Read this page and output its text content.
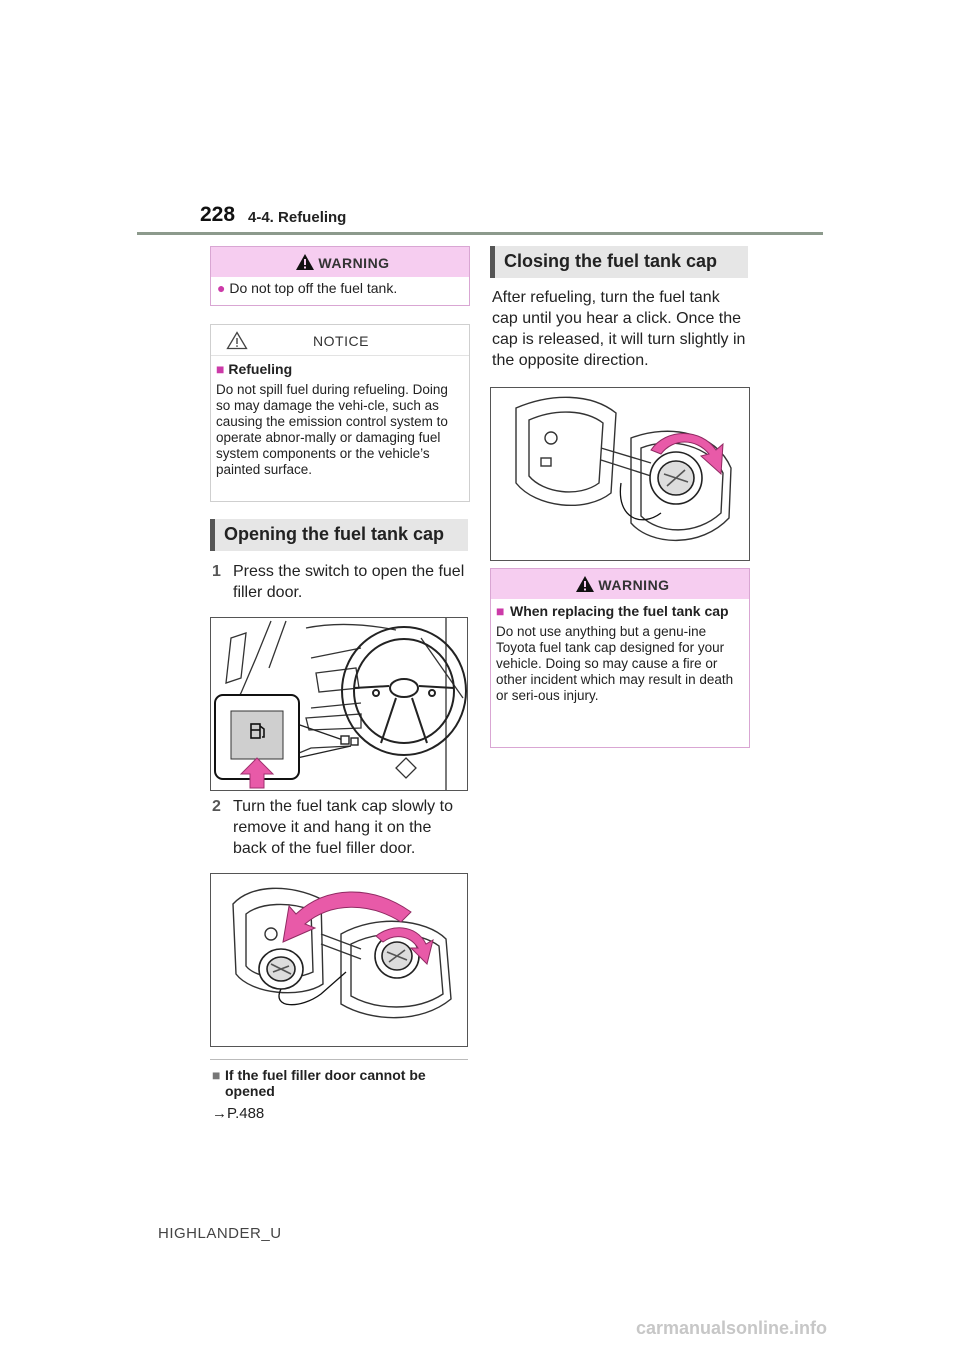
228 4-4. Refueling
WARNING
● Do not top off the fuel tank.
NOTICE
■ Refueling
Do not spill fuel during refueling. Doing so may damage the vehi-cle, such as causing the emission control system to operate abnor-mally or damaging fuel system components or the vehicle’s painted surface.
Opening the fuel tank cap
1 Press the switch to open the fuel filler door.
2 Turn the fuel tank cap slowly to remove it and hang it on the back of the fuel filler door.
■ If the fuel filler door cannot be opened
→P.488
Closing the fuel tank cap
After refueling, turn the fuel tank cap until you hear a click. Once the cap is released, it will turn slightly in the opposite direction.
WARNING
■ When replacing the fuel tank cap
Do not use anything but a genu-ine Toyota fuel tank cap designed for your vehicle. Doing so may cause a fire or other incident which may result in death or seri-ous injury.
HIGHLANDER_U
carmanualsonline.info
